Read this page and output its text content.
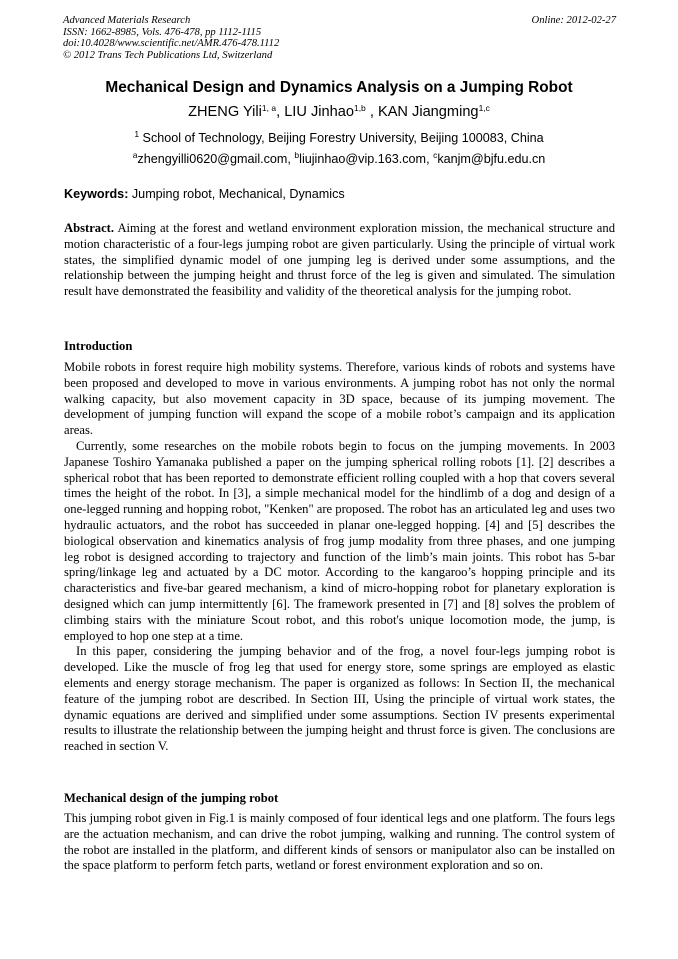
Advanced Materials Research
ISSN: 1662-8985, Vols. 476-478, pp 1112-1115
doi:10.4028/www.scientific.net/AMR.476-478.1112
© 2012 Trans Tech Publications Ltd, Switzerland
Online: 2012-02-27
Mechanical Design and Dynamics Analysis on a Jumping Robot
ZHENG Yili$^{1, a}$, LIU Jinhao$^{1,b}$ , KAN Jiangming$^{1,c}$
$^1$ School of Technology, Beijing Forestry University, Beijing 100083, China
$^a$zhengyilli0620@gmail.com, $^b$liujinhao@vip.163.com, $^c$kanjm@bjfu.edu.cn
Keywords: Jumping robot, Mechanical, Dynamics

Abstract. Aiming at the forest and wetland environment exploration mission, the mechanical structure and motion characteristic of a four-legs jumping robot are given particularly. Using the principle of virtual work states, the simplified dynamic model of one jumping leg is derived under some assumptions, and the relationship between the jumping height and thrust force of the leg is given and simulated. The simulation result have demonstrated the feasibility and validity of the theoretical analysis for the jumping robot.

Introduction

Mobile robots in forest require high mobility systems. Therefore, various kinds of robots and systems have been proposed and developed to move in various environments. A jumping robot has not only the normal walking capacity, but also movement capacity in 3D space, because of its jumping movement. The development of jumping function will expand the scope of a mobile robot’s campaign and its application areas.

Currently, some researches on the mobile robots begin to focus on the jumping movements. In 2003 Japanese Toshiro Yamanaka published a paper on the jumping spherical rolling robots [1]. [2] describes a spherical robot that has been reported to demonstrate efficient rolling coupled with a hop that covers several times the height of the robot. In [3], a simple mechanical model for the hindlimb of a dog and design of a one-legged running and hopping robot, "Kenken" are proposed. The robot has an articulated leg and uses two hydraulic actuators, and the robot has succeeded in planar one-legged hopping. [4] and [5] describes the biological observation and kinematics analysis of frog jump modality from three phases, and one jumping leg robot is designed according to trajectory and function of the limb’s main joints. This robot has 5-bar spring/linkage leg and actuated by a DC motor. According to the kangaroo’s hopping principle and its characteristics and five-bar geared mechanism, a kind of micro-hopping robot for planetary exploration is designed which can jump intermittently [6]. The framework presented in [7] and [8] solves the problem of climbing stairs with the miniature Scout robot, and this robot's unique locomotion mode, the jump, is employed to hop one step at a time.

In this paper, considering the jumping behavior and of the frog, a novel four-legs jumping robot is developed. Like the muscle of frog leg that used for energy store, some springs are employed as elastic elements and energy storage mechanism. The paper is organized as follows: In Section II, the mechanical feature of the jumping robot are described. In Section III, Using the principle of virtual work states, the dynamic equations are derived and simplified under some assumptions. Section IV presents experimental results to illustrate the relationship between the jumping height and thrust force is given. The conclusions are reached in section V.

Mechanical design of the jumping robot

This jumping robot given in Fig.1 is mainly composed of four identical legs and one platform. The fours legs are the actuation mechanism, and can drive the robot jumping, walking and running. The control system of the robot are installed in the platform, and different kinds of sensors or manipulator also can be installed on the space platform to perform fetch parts, wetland or forest environment exploration and so on.
